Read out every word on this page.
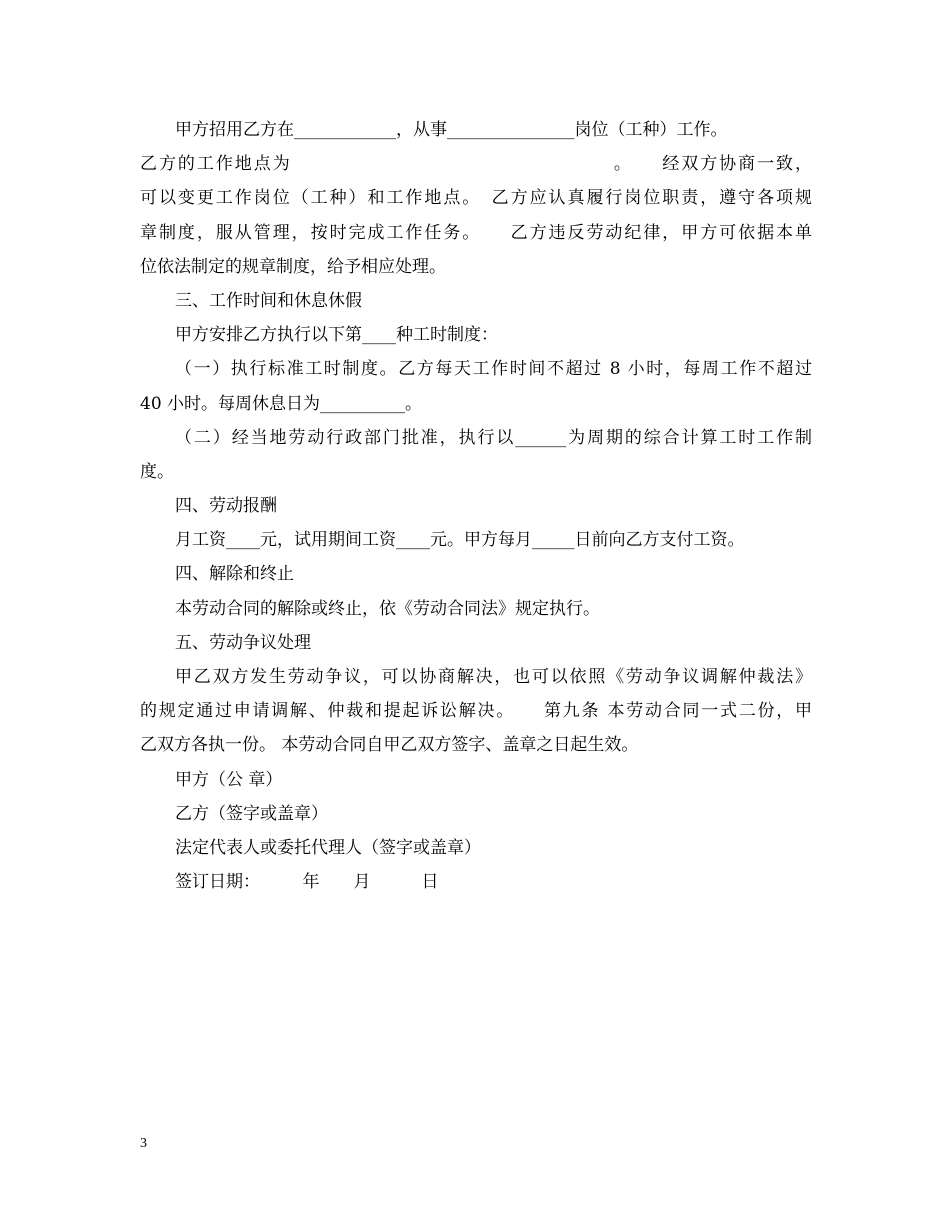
甲方招用乙方在____________，从事_______________岗位（工种）工作。
乙方的工作地点为　　　　　　　　　　　　　　　　　。　　经双方协商一致，
可以变更工作岗位（工种）和工作地点。　乙方应认真履行岗位职责，遵守各项规
章制度，服从管理，按时完成工作任务。　　乙方违反劳动纪律，甲方可依据本单
位依法制定的规章制度，给予相应处理。
三、工作时间和休息休假
甲方安排乙方执行以下第____种工时制度：
（一）执行标准工时制度。乙方每天工作时间不超过 8 小时，每周工作不超过
40 小时。每周休息日为__________。
（二）经当地劳动行政部门批准，执行以______为周期的综合计算工时工作制
度。
四、劳动报酬
月工资____元，试用期间工资____元。甲方每月_____日前向乙方支付工资。
四、解除和终止
本劳动合同的解除或终止，依《劳动合同法》规定执行。
五、劳动争议处理
甲乙双方发生劳动争议，可以协商解决，也可以依照《劳动争议调解仲裁法》
的规定通过申请调解、仲裁和提起诉讼解决。　　第九条 本劳动合同一式二份，甲
乙双方各执一份。 本劳动合同自甲乙双方签字、盖章之日起生效。
甲方（公 章）
乙方（签字或盖章）
法定代表人或委托代理人（签字或盖章）
签订日期：　　　年　　月　　　日
3
